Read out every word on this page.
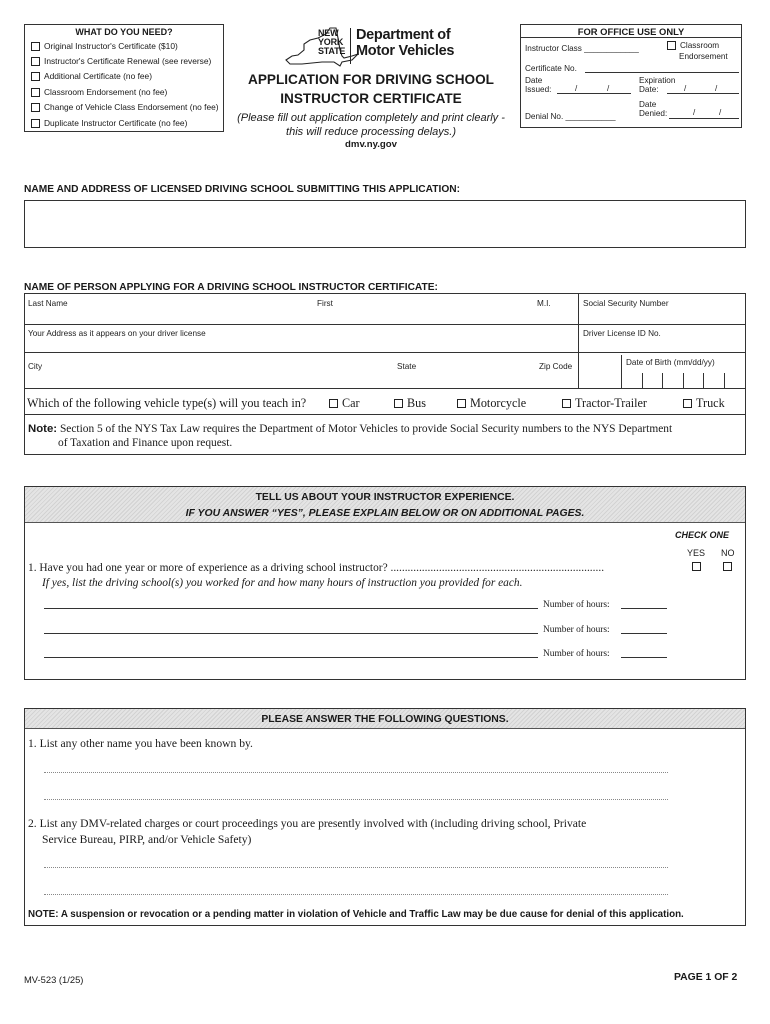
WHAT DO YOU NEED?
Original Instructor's Certificate ($10)
Instructor's Certificate Renewal (see reverse)
Additional Certificate (no fee)
Classroom Endorsement (no fee)
Change of Vehicle Class Endorsement (no fee)
Duplicate Instructor Certificate (no fee)
NEW
YORK
STATE
Department of
Motor Vehicles
APPLICATION FOR DRIVING SCHOOL
INSTRUCTOR CERTIFICATE
(Please fill out application completely and print clearly -
this will reduce processing delays.)
dmv.ny.gov
FOR OFFICE USE ONLY
Instructor Class ____________	Classroom
Endorsement
Certificate No.
Date
Issued:	/	/
Expiration
Date:	/	/
Date
Denied:	/	/
Denial No. ___________
NAME AND ADDRESS OF LICENSED DRIVING SCHOOL SUBMITTING THIS APPLICATION:
NAME OF PERSON APPLYING FOR A DRIVING SCHOOL INSTRUCTOR CERTIFICATE:
Last Name	First	M.I.	Social Security Number
Your Address as it appears on your driver license	Driver License ID No.
City	State	Zip Code	Date of Birth (mm/dd/yy)
Note: Section 5 of the NYS Tax Law requires the Department of Motor Vehicles to provide Social Security numbers to the NYS Department
of Taxation and Finance upon request.
Which of the following vehicle type(s) will you teach in?	Car	Bus	Motorcycle	Tractor-Trailer	Truck
TELL US ABOUT YOUR INSTRUCTOR EXPERIENCE.
IF YOU ANSWER “YES”, PLEASE EXPLAIN BELOW OR ON ADDITIONAL PAGES.
CHECK ONE
YES NO
1. Have you had one year or more of experience as a driving school instructor? ...........................................................................
If yes, list the driving school(s) you worked for and how many hours of instruction you provided for each.
Number of hours:
Number of hours:
Number of hours:
PLEASE ANSWER THE FOLLOWING QUESTIONS.
1. List any other name you have been known by.
2. List any DMV-related charges or court proceedings you are presently involved with (including driving school, Private
Service Bureau, PIRP, and/or Vehicle Safety)
NOTE: A suspension or revocation or a pending matter in violation of Vehicle and Traffic Law may be due cause for denial of this application.
MV-523 (1/25)	PAGE 1 OF 2
